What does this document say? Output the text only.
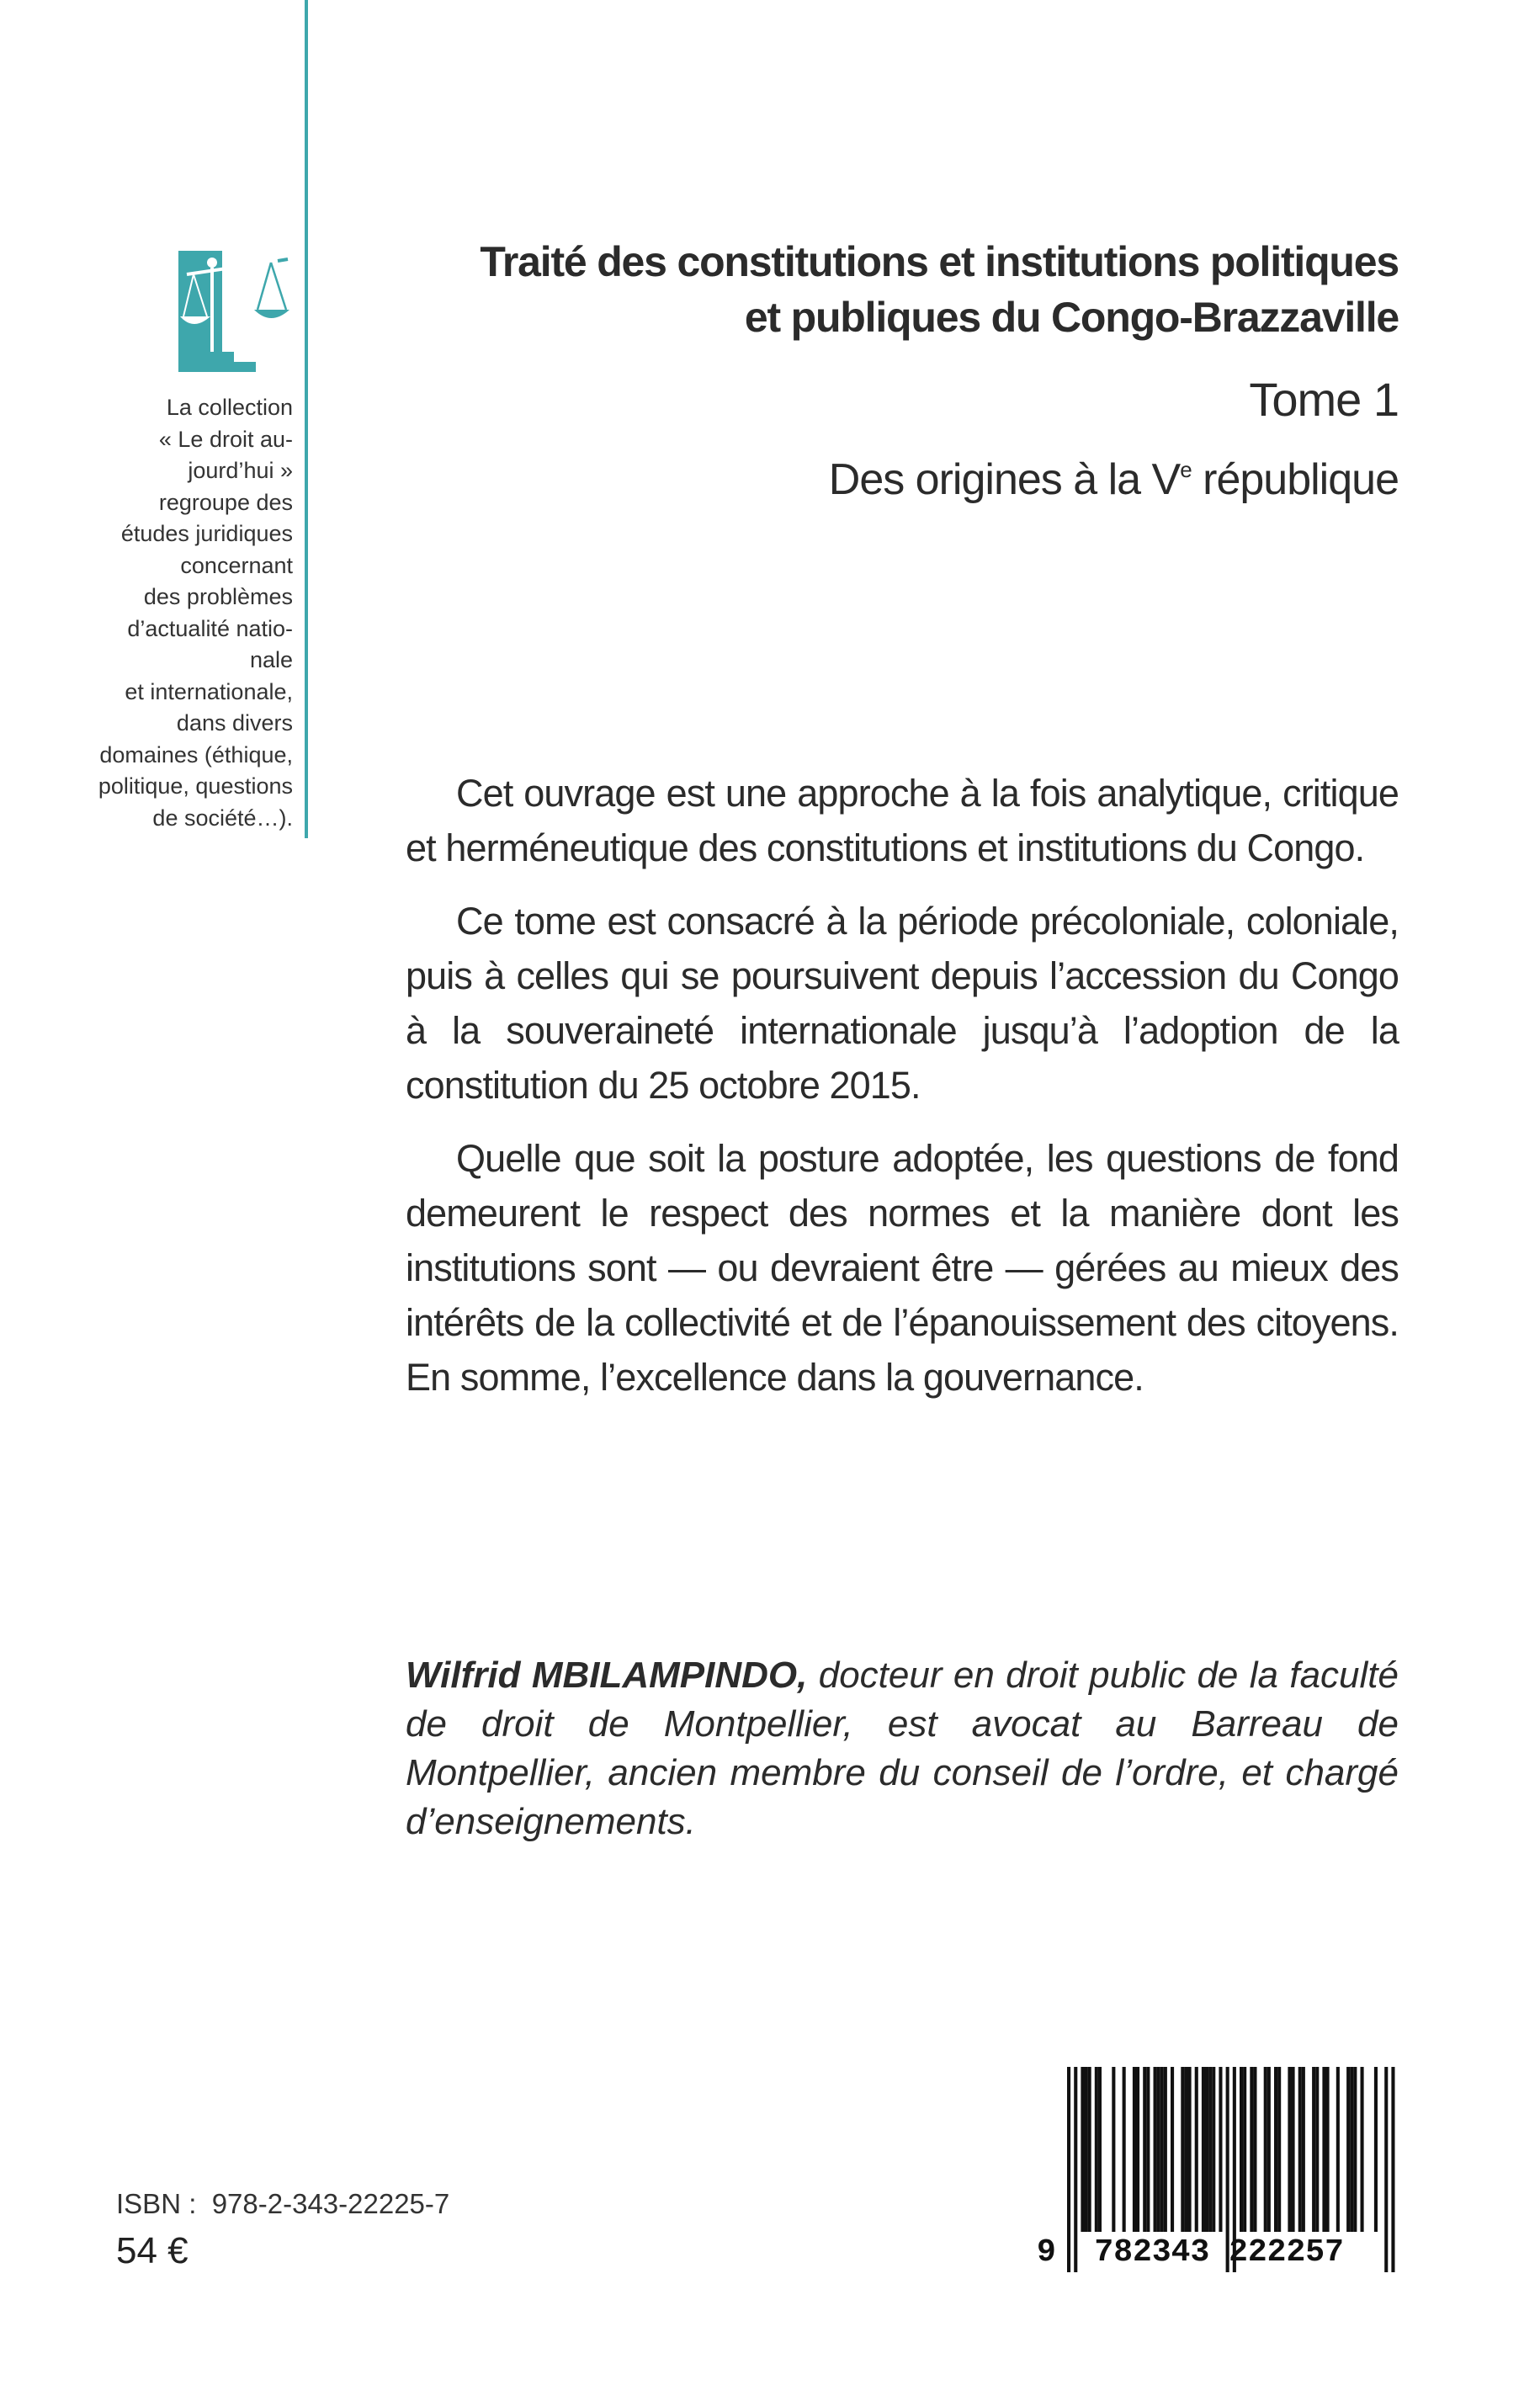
La collection
« Le droit au-
jourd’hui »
regroupe des
études juridiques
concernant
des problèmes
d’actualité natio-
nale
et internationale,
dans divers
domaines (éthique,
politique, questions
de société…).
Traité des constitutions et institutions politiques
et publiques du Congo-Brazzaville
Tome 1
Des origines à la Ve république

Cet ouvrage est une approche à la fois analytique, critique et herméneutique des constitutions et institutions du Congo.

Ce tome est consacré à la période précoloniale, coloniale, puis à celles qui se poursuivent depuis l’accession du Congo à la souveraineté internationale jusqu’à l’adoption de la constitution du 25 octobre 2015.

Quelle que soit la posture adoptée, les questions de fond demeurent le respect des normes et la manière dont les institutions sont — ou devraient être — gérées au mieux des intérêts de la collectivité et de l’épanouissement des citoyens. En somme, l’excellence dans la gouvernance.

Wilfrid MBILAMPINDO, docteur en droit public de la faculté de droit de Montpellier, est avocat au Barreau de Montpellier, ancien membre du conseil de l’ordre, et chargé d’enseignements.

ISBN : 978-2-343-22225-7
54 €	9 782343 222257
